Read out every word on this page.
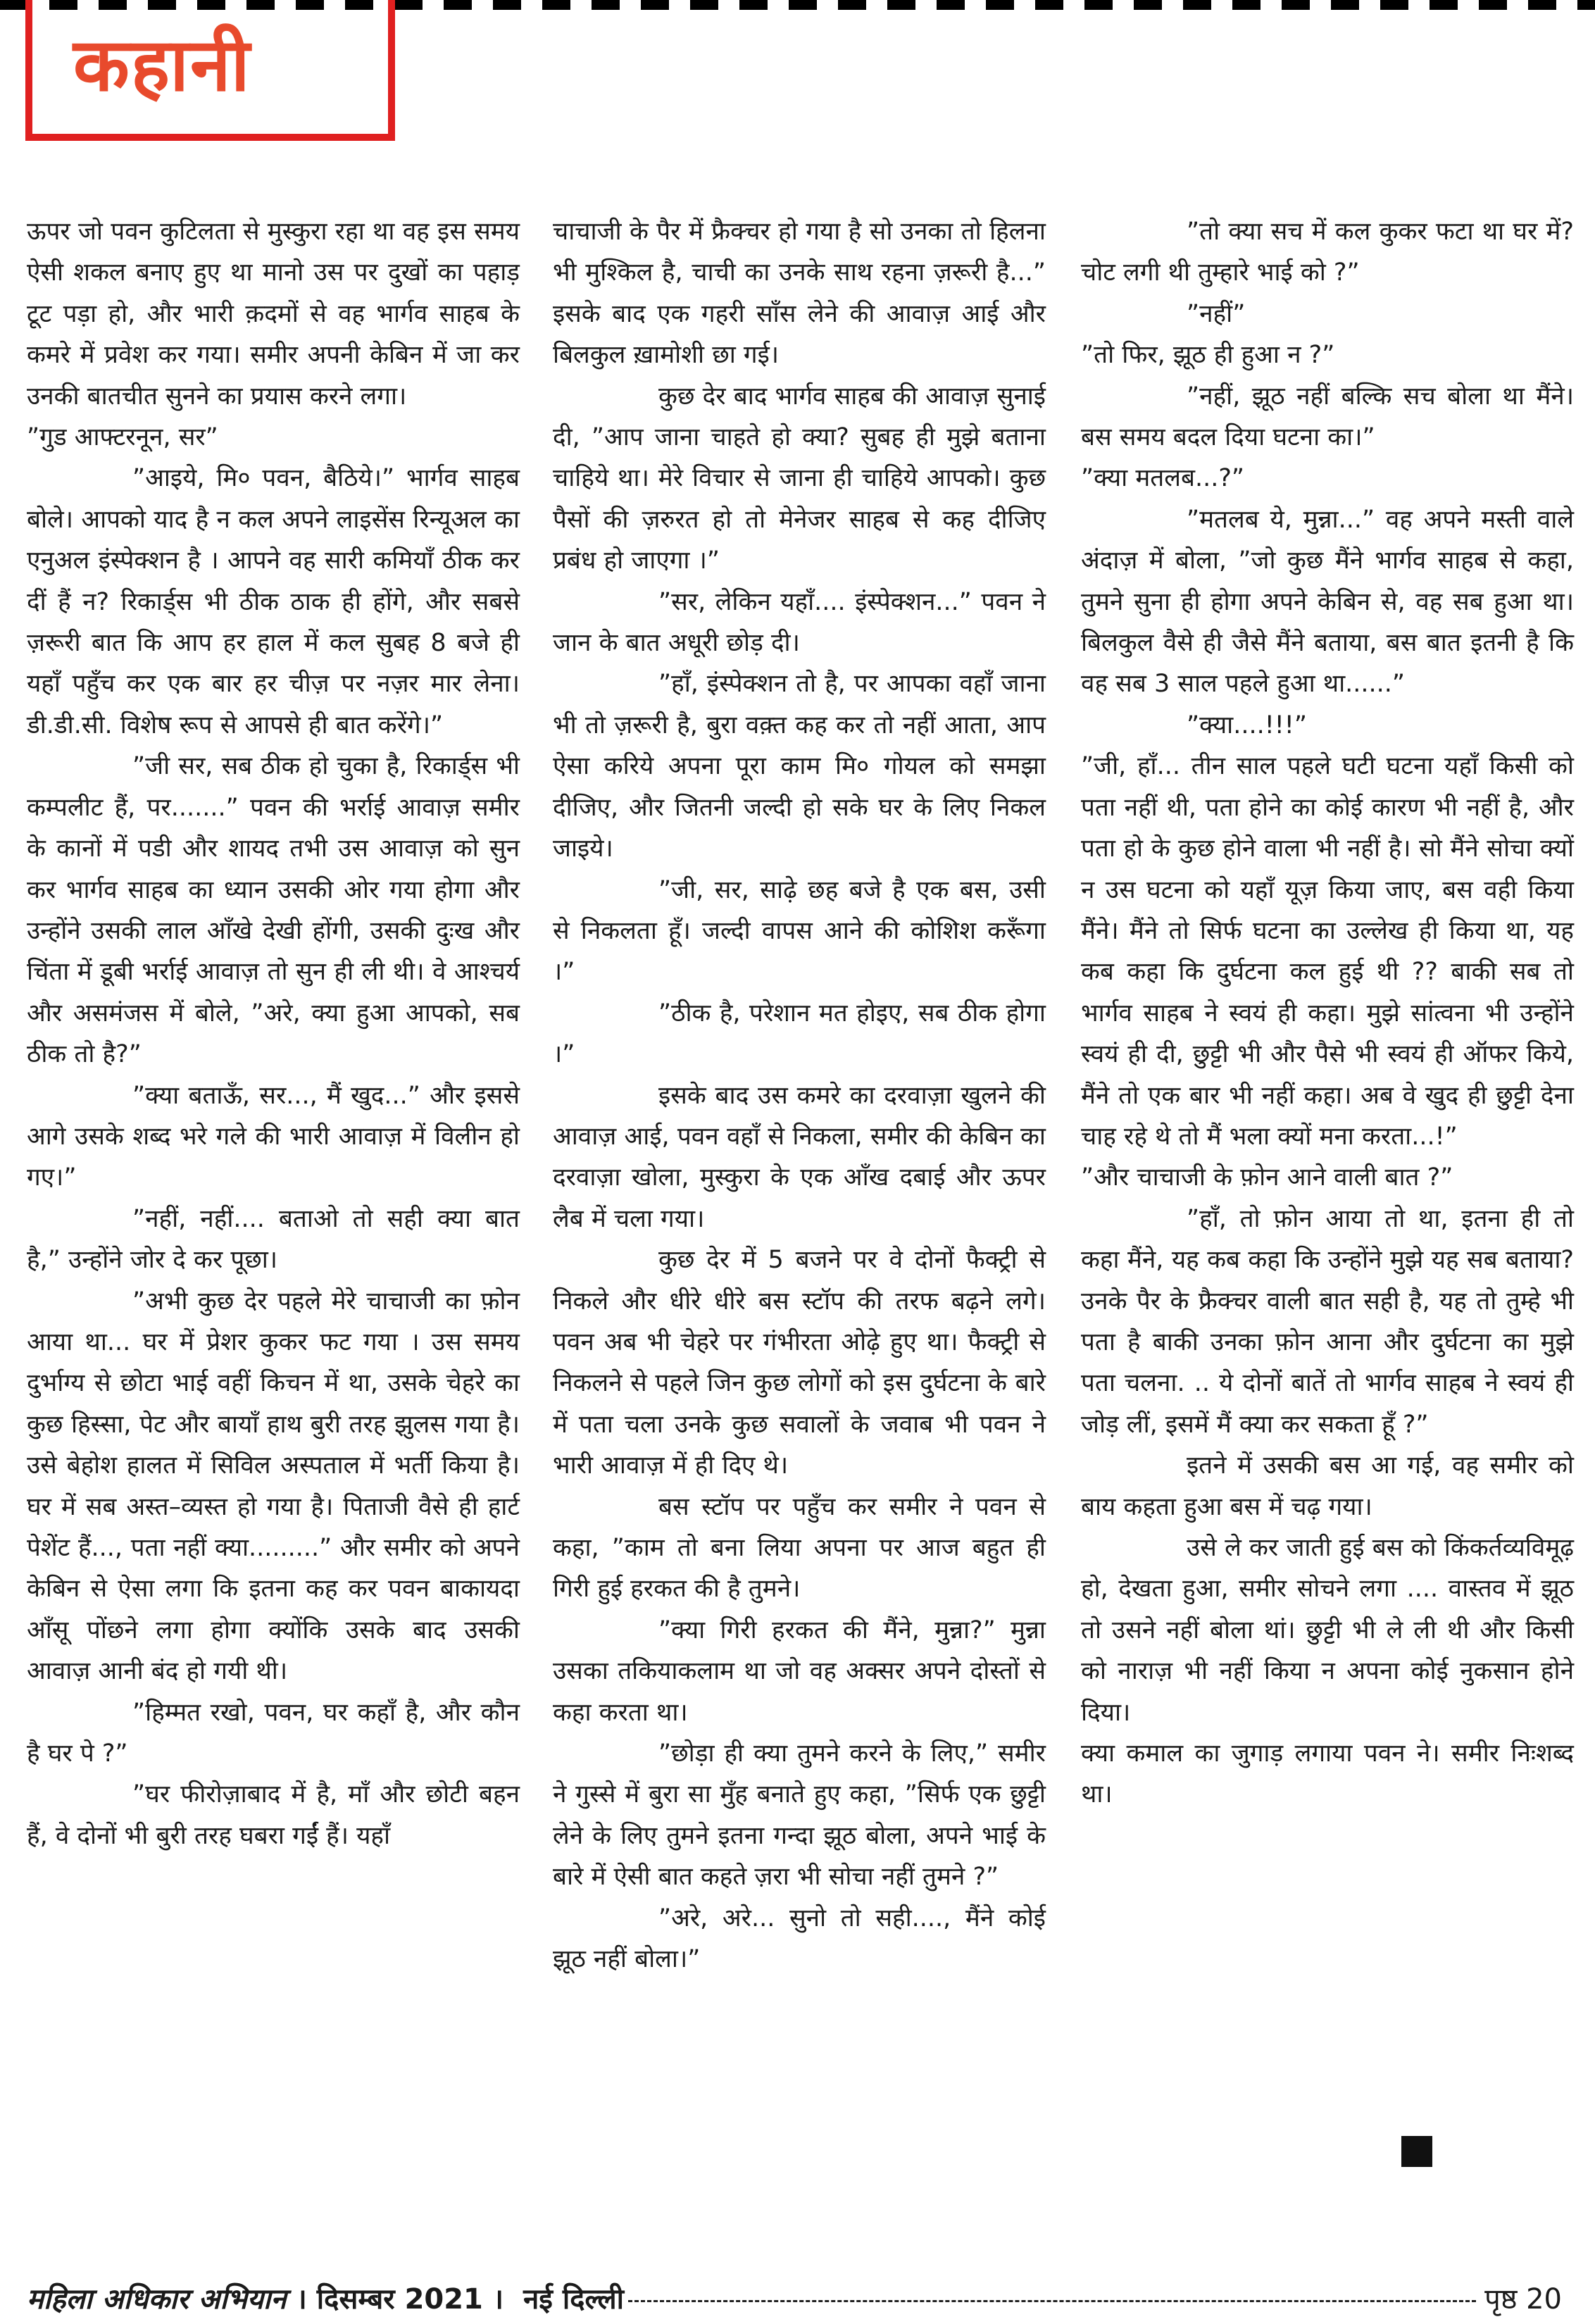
कहानी

ऊपर जो पवन कुटिलता से मुस्कुरा रहा था वह इस समय ऐसी शकल बनाए हुए था मानो उस पर दुखों का पहाड़ टूट पड़ा हो, और भारी क़दमों से वह भार्गव साहब के कमरे में प्रवेश कर गया। समीर अपनी केबिन में जा कर उनकी बातचीत सुनने का प्रयास करने लगा।

”गुड आफ्टरनून, सर”

”आइये, मि० पवन, बैठिये।” भार्गव साहब बोले। आपको याद है न कल अपने लाइसेंस रिन्यूअल का एनुअल इंस्पेक्शन है । आपने वह सारी कमियाँ ठीक कर दीं हैं न? रिकार्ड्स भी ठीक ठाक ही होंगे, और सबसे ज़रूरी बात कि आप हर हाल में कल सुबह 8 बजे ही यहाँ पहुँच कर एक बार हर चीज़ पर नज़र मार लेना। डी.डी.सी. विशेष रूप से आपसे ही बात करेंगे।”

”जी सर, सब ठीक हो चुका है, रिकार्ड्स भी कम्पलीट हैं, पर.......” पवन की भर्राई आवाज़ समीर के कानों में पडी और शायद तभी उस आवाज़ को सुन कर भार्गव साहब का ध्यान उसकी ओर गया होगा और उन्होंने उसकी लाल आँखे देखी होंगी, उसकी दुःख और चिंता में डूबी भर्राई आवाज़ तो सुन ही ली थी। वे आश्चर्य और असमंजस में बोले, ”अरे, क्या हुआ आपको, सब ठीक तो है?”

”क्या बताऊँ, सर..., मैं खुद...” और इससे आगे उसके शब्द भरे गले की भारी आवाज़ में विलीन हो गए।”

”नहीं, नहीं.... बताओ तो सही क्या बात है,” उन्होंने जोर दे कर पूछा।

”अभी कुछ देर पहले मेरे चाचाजी का फ़ोन आया था... घर में प्रेशर कुकर फट गया । उस समय दुर्भाग्य से छोटा भाई वहीं किचन में था, उसके चेहरे का कुछ हिस्सा, पेट और बायाँ हाथ बुरी तरह झुलस गया है। उसे बेहोश हालत में सिविल अस्पताल में भर्ती किया है। घर में सब अस्त–व्यस्त हो गया है। पिताजी वैसे ही हार्ट पेशेंट हैं..., पता नहीं क्या.........” और समीर को अपने केबिन से ऐसा लगा कि इतना कह कर पवन बाकायदा आँसू पोंछने लगा होगा क्योंकि उसके बाद उसकी आवाज़ आनी बंद हो गयी थी।

”हिम्मत रखो, पवन, घर कहाँ है, और कौन है घर पे ?”

”घर फीरोज़ाबाद में है, माँ और छोटी बहन हैं, वे दोनों भी बुरी तरह घबरा गईं हैं। यहाँ

चाचाजी के पैर में फ्रैक्चर हो गया है सो उनका तो हिलना भी मुश्किल है, चाची का उनके साथ रहना ज़रूरी है...” इसके बाद एक गहरी साँस लेने की आवाज़ आई और बिलकुल ख़ामोशी छा गई।

कुछ देर बाद भार्गव साहब की आवाज़ सुनाई दी, ”आप जाना चाहते हो क्या? सुबह ही मुझे बताना चाहिये था। मेरे विचार से जाना ही चाहिये आपको। कुछ पैसों की ज़रुरत हो तो मेनेजर साहब से कह दीजिए प्रबंध हो जाएगा ।”

”सर, लेकिन यहाँ.... इंस्पेक्शन...” पवन ने जान के बात अधूरी छोड़ दी।

”हाँ, इंस्पेक्शन तो है, पर आपका वहाँ जाना भी तो ज़रूरी है, बुरा वक़्त कह कर तो नहीं आता, आप ऐसा करिये अपना पूरा काम मि० गोयल को समझा दीजिए, और जितनी जल्दी हो सके घर के लिए निकल जाइये।

”जी, सर, साढ़े छह बजे है एक बस, उसी से निकलता हूँ। जल्दी वापस आने की कोशिश करूँगा ।”

”ठीक है, परेशान मत होइए, सब ठीक होगा ।”

इसके बाद उस कमरे का दरवाज़ा खुलने की आवाज़ आई, पवन वहाँ से निकला, समीर की केबिन का दरवाज़ा खोला, मुस्कुरा के एक आँख दबाई और ऊपर लैब में चला गया।

कुछ देर में 5 बजने पर वे दोनों फैक्ट्री से निकले और धीरे धीरे बस स्टॉप की तरफ बढ़ने लगे। पवन अब भी चेहरे पर गंभीरता ओढ़े हुए था। फैक्ट्री से निकलने से पहले जिन कुछ लोगों को इस दुर्घटना के बारे में पता चला उनके कुछ सवालों के जवाब भी पवन ने भारी आवाज़ में ही दिए थे।

बस स्टॉप पर पहुँच कर समीर ने पवन से कहा, ”काम तो बना लिया अपना पर आज बहुत ही गिरी हुई हरकत की है तुमने।

”क्या गिरी हरकत की मैंने, मुन्ना?” मुन्ना उसका तकियाकलाम था जो वह अक्सर अपने दोस्तों से कहा करता था।

”छोड़ा ही क्या तुमने करने के लिए,” समीर ने गुस्से में बुरा सा मुँह बनाते हुए कहा, ”सिर्फ एक छुट्टी लेने के लिए तुमने इतना गन्दा झूठ बोला, अपने भाई के बारे में ऐसी बात कहते ज़रा भी सोचा नहीं तुमने ?”

”अरे, अरे... सुनो तो सही...., मैंने कोई झूठ नहीं बोला।”

”तो क्या सच में कल कुकर फटा था घर में? चोट लगी थी तुम्हारे भाई को ?”

”नहीं”

”तो फिर, झूठ ही हुआ न ?”

”नहीं, झूठ नहीं बल्कि सच बोला था मैंने। बस समय बदल दिया घटना का।”

”क्या मतलब...?”

”मतलब ये, मुन्ना...” वह अपने मस्ती वाले अंदाज़ में बोला, ”जो कुछ मैंने भार्गव साहब से कहा, तुमने सुना ही होगा अपने केबिन से, वह सब हुआ था। बिलकुल वैसे ही जैसे मैंने बताया, बस बात इतनी है कि वह सब 3 साल पहले हुआ था......”

”क्या....!!!”

”जी, हाँ... तीन साल पहले घटी घटना यहाँ किसी को पता नहीं थी, पता होने का कोई कारण भी नहीं है, और पता हो के कुछ होने वाला भी नहीं है। सो मैंने सोचा क्यों न उस घटना को यहाँ यूज़ किया जाए, बस वही किया मैंने। मैंने तो सिर्फ घटना का उल्लेख ही किया था, यह कब कहा कि दुर्घटना कल हुई थी ?? बाकी सब तो भार्गव साहब ने स्वयं ही कहा। मुझे सांत्वना भी उन्होंने स्वयं ही दी, छुट्टी भी और पैसे भी स्वयं ही ऑफर किये, मैंने तो एक बार भी नहीं कहा। अब वे खुद ही छुट्टी देना चाह रहे थे तो मैं भला क्यों मना करता...!”

”और चाचाजी के फ़ोन आने वाली बात ?”

”हाँ, तो फ़ोन आया तो था, इतना ही तो कहा मैंने, यह कब कहा कि उन्होंने मुझे यह सब बताया? उनके पैर के फ्रैक्चर वाली बात सही है, यह तो तुम्हे भी पता है बाकी उनका फ़ोन आना और दुर्घटना का मुझे पता चलना. .. ये दोनों बातें तो भार्गव साहब ने स्वयं ही जोड़ लीं, इसमें मैं क्या कर सकता हूँ ?”

इतने में उसकी बस आ गई, वह समीर को बाय कहता हुआ बस में चढ़ गया।

उसे ले कर जाती हुई बस को किंकर्तव्यविमूढ़ हो, देखता हुआ, समीर सोचने लगा .... वास्तव में झूठ तो उसने नहीं बोला थां। छुट्टी भी ले ली थी और किसी को नाराज़ भी नहीं किया न अपना कोई नुकसान होने दिया।

क्या कमाल का जुगाड़ लगाया पवन ने। समीर निःशब्द था।

महिला अधिकार अभियान । दिसम्बर 2021 । नई दिल्ली	पृष्ठ 20
